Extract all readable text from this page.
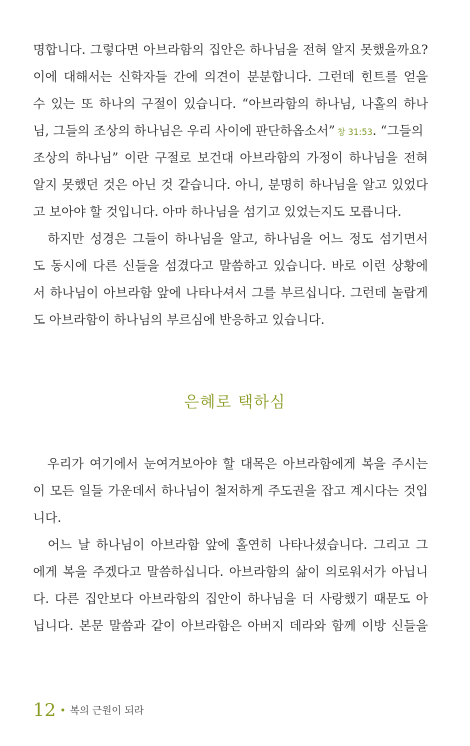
명합니다. 그렇다면 아브라함의 집안은 하나님을 전혀 알지 못했을까요?
이에 대해서는 신학자들 간에 의견이 분분합니다. 그런데 힌트를 얻을
수 있는 또 하나의 구절이 있습니다. “아브라함의 하나님, 나홀의 하나
님, 그들의 조상의 하나님은 우리 사이에 판단하옵소서” 창 31:53. “그들의
조상의 하나님” 이란 구절로 보건대 아브라함의 가정이 하나님을 전혀
알지 못했던 것은 아닌 것 같습니다. 아니, 분명히 하나님을 알고 있었다
고 보아야 할 것입니다. 아마 하나님을 섬기고 있었는지도 모릅니다.
　하지만 성경은 그들이 하나님을 알고, 하나님을 어느 정도 섬기면서
도 동시에 다른 신들을 섬겼다고 말씀하고 있습니다. 바로 이런 상황에
서 하나님이 아브라함 앞에 나타나셔서 그를 부르십니다. 그런데 놀랍게
도 아브라함이 하나님의 부르심에 반응하고 있습니다.
은혜로 택하심
　우리가 여기에서 눈여겨보아야 할 대목은 아브라함에게 복을 주시는
이 모든 일들 가운데서 하나님이 철저하게 주도권을 잡고 계시다는 것입
니다.
　어느 날 하나님이 아브라함 앞에 홀연히 나타나셨습니다. 그리고 그
에게 복을 주겠다고 말씀하십니다. 아브라함의 삶이 의로워서가 아닙니
다. 다른 집안보다 아브라함의 집안이 하나님을 더 사랑했기 때문도 아
닙니다. 본문 말씀과 같이 아브라함은 아버지 데라와 함께 이방 신들을
12 • 복의 근원이 되라
